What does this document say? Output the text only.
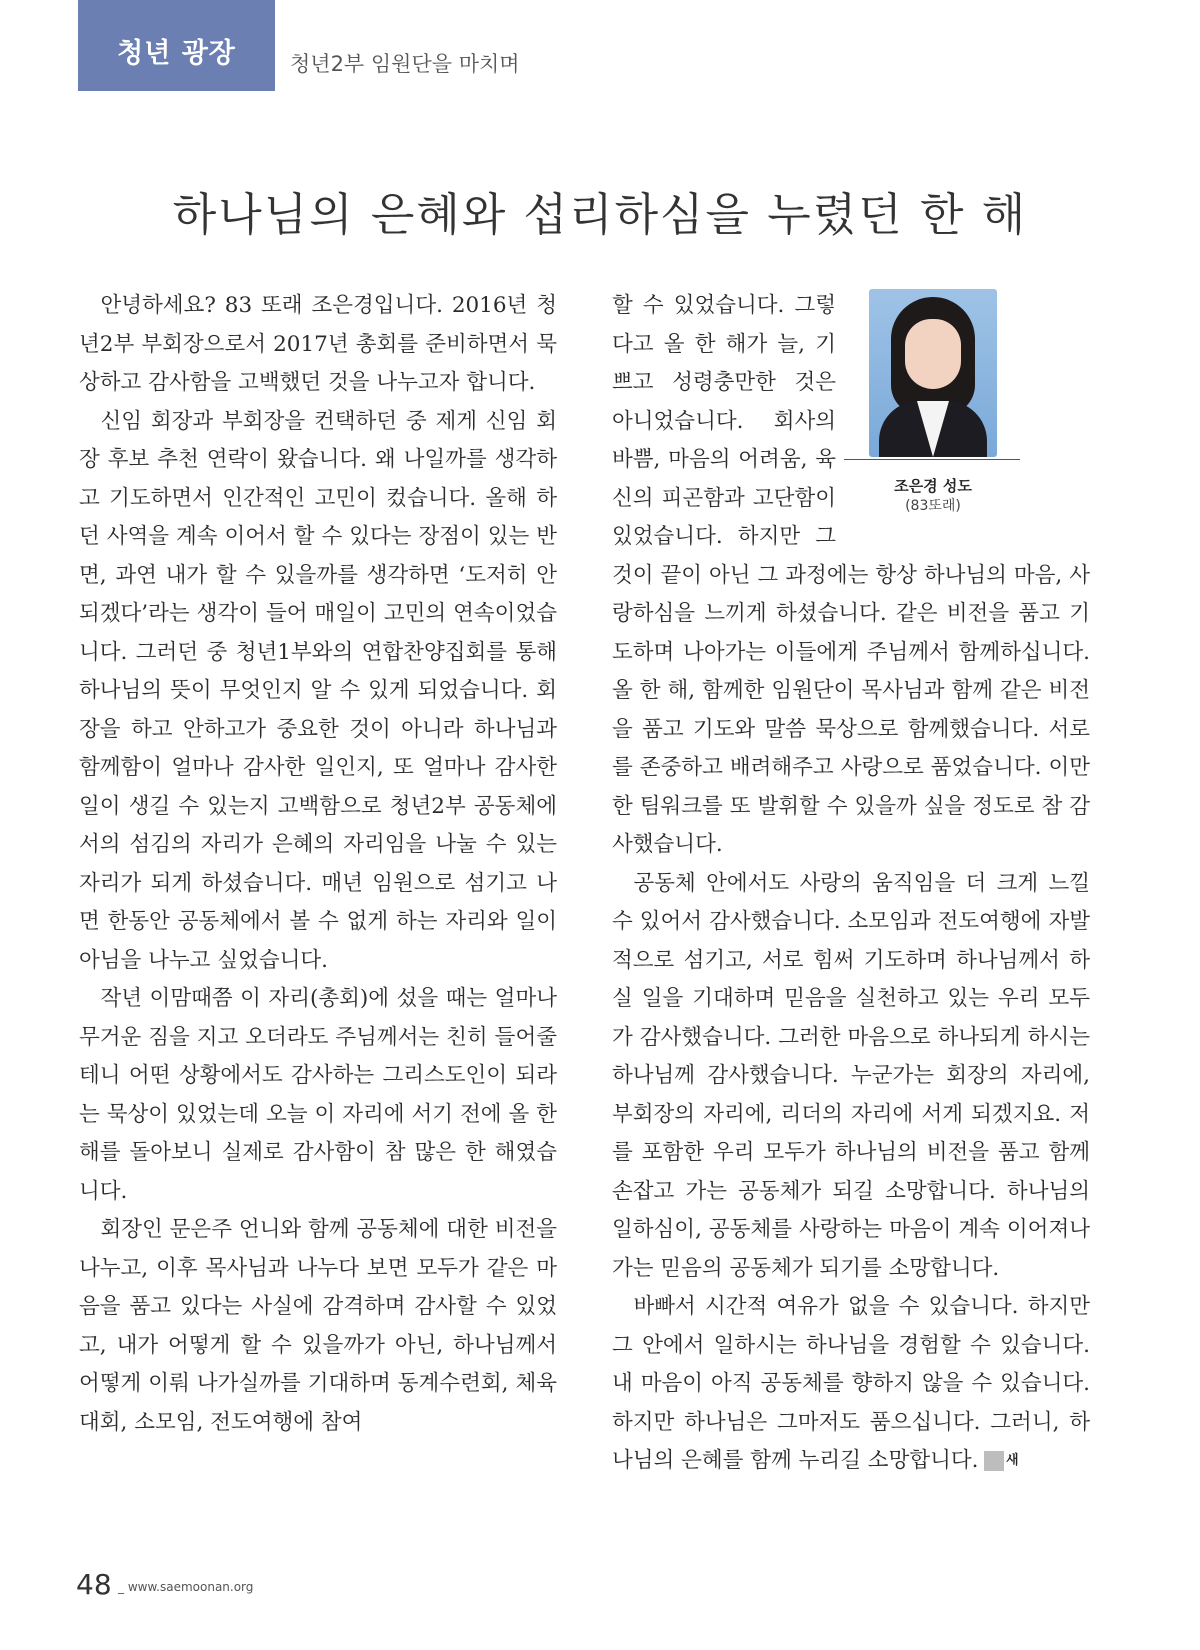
청년 광장	청년2부 임원단을 마치며
하나님의 은혜와 섭리하심을 누렸던 한 해

안녕하세요? 83 또래 조은경입니다. 2016년 청년2부 부회장으로서 2017년 총회를 준비하면서 묵상하고 감사함을 고백했던 것을 나누고자 합니다.

신임 회장과 부회장을 컨택하던 중 제게 신임 회장 후보 추천 연락이 왔습니다. 왜 나일까를 생각하고 기도하면서 인간적인 고민이 컸습니다. 올해 하던 사역을 계속 이어서 할 수 있다는 장점이 있는 반면, 과연 내가 할 수 있을까를 생각하면 ‘도저히 안되겠다’라는 생각이 들어 매일이 고민의 연속이었습니다. 그러던 중 청년1부와의 연합찬양집회를 통해 하나님의 뜻이 무엇인지 알 수 있게 되었습니다. 회장을 하고 안하고가 중요한 것이 아니라 하나님과 함께함이 얼마나 감사한 일인지, 또 얼마나 감사한 일이 생길 수 있는지 고백함으로 청년2부 공동체에서의 섬김의 자리가 은혜의 자리임을 나눌 수 있는 자리가 되게 하셨습니다. 매년 임원으로 섬기고 나면 한동안 공동체에서 볼 수 없게 하는 자리와 일이 아님을 나누고 싶었습니다.

작년 이맘때쯤 이 자리(총회)에 섰을 때는 얼마나 무거운 짐을 지고 오더라도 주님께서는 친히 들어줄테니 어떤 상황에서도 감사하는 그리스도인이 되라는 묵상이 있었는데 오늘 이 자리에 서기 전에 올 한 해를 돌아보니 실제로 감사함이 참 많은 한 해였습니다.

회장인 문은주 언니와 함께 공동체에 대한 비전을 나누고, 이후 목사님과 나누다 보면 모두가 같은 마음을 품고 있다는 사실에 감격하며 감사할 수 있었고, 내가 어떻게 할 수 있을까가 아닌, 하나님께서 어떻게 이뤄 나가실까를 기대하며 동계수련회, 체육대회, 소모임, 전도여행에 참여

조은경 성도
(83또래)

할 수 있었습니다. 그렇다고 올 한 해가 늘, 기쁘고 성령충만한 것은 아니었습니다. 회사의 바쁨, 마음의 어려움, 육신의 피곤함과 고단함이 있었습니다. 하지만 그것이 끝이 아닌 그 과정에는 항상 하나님의 마음, 사랑하심을 느끼게 하셨습니다. 같은 비전을 품고 기도하며 나아가는 이들에게 주님께서 함께하십니다. 올 한 해, 함께한 임원단이 목사님과 함께 같은 비전을 품고 기도와 말씀 묵상으로 함께했습니다. 서로를 존중하고 배려해주고 사랑으로 품었습니다. 이만한 팀워크를 또 발휘할 수 있을까 싶을 정도로 참 감사했습니다.

공동체 안에서도 사랑의 움직임을 더 크게 느낄 수 있어서 감사했습니다. 소모임과 전도여행에 자발적으로 섬기고, 서로 힘써 기도하며 하나님께서 하실 일을 기대하며 믿음을 실천하고 있는 우리 모두가 감사했습니다. 그러한 마음으로 하나되게 하시는 하나님께 감사했습니다. 누군가는 회장의 자리에, 부회장의 자리에, 리더의 자리에 서게 되겠지요. 저를 포함한 우리 모두가 하나님의 비전을 품고 함께 손잡고 가는 공동체가 되길 소망합니다. 하나님의 일하심이, 공동체를 사랑하는 마음이 계속 이어져나가는 믿음의 공동체가 되기를 소망합니다.

바빠서 시간적 여유가 없을 수 있습니다. 하지만 그 안에서 일하시는 하나님을 경험할 수 있습니다. 내 마음이 아직 공동체를 향하지 않을 수 있습니다. 하지만 하나님은 그마저도 품으십니다. 그러니, 하나님의 은혜를 함께 누리길 소망합니다. 새

48 _ www.saemoonan.org
